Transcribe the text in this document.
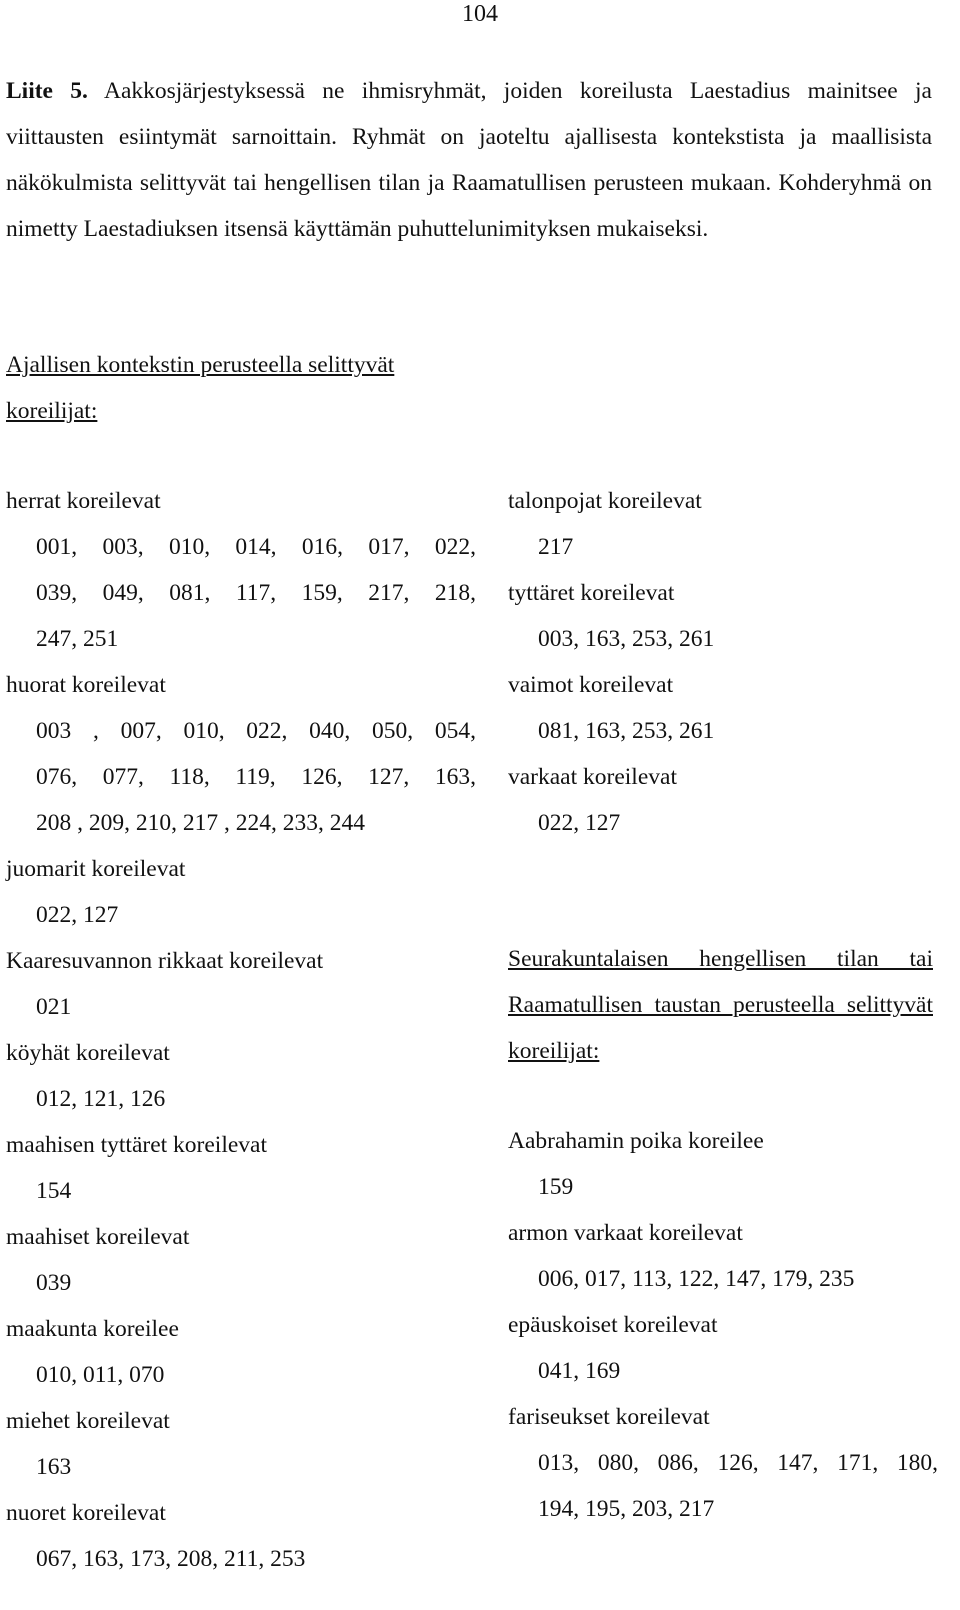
104

Liite 5. Aakkosjärjestyksessä ne ihmisryhmät, joiden koreilusta Laestadius mainitsee ja viittausten esiintymät sarnoittain. Ryhmät on jaoteltu ajallisesta kontekstista ja maallisista näkökulmista selittyvät tai hengellisen tilan ja Raamatullisen perusteen mukaan. Kohderyhmä on nimetty Laestadiuksen itsensä käyttämän puhuttelunimityksen mukaiseksi.

Ajallisen kontekstin perusteella selittyvät koreilijat:

herrat koreilevat
001, 003, 010, 014, 016, 017, 022,
039, 049, 081, 117, 159, 217, 218,
247, 251
huorat koreilevat
003 , 007, 010, 022, 040, 050, 054,
076, 077, 118, 119, 126, 127, 163,
208 , 209, 210, 217 , 224, 233, 244
juomarit koreilevat
022, 127
Kaaresuvannon rikkaat koreilevat
021
köyhät koreilevat
012, 121, 126
maahisen tyttäret koreilevat
154
maahiset koreilevat
039
maakunta koreilee
010, 011, 070
miehet koreilevat
163
nuoret koreilevat
067, 163, 173, 208, 211, 253
talonpojat koreilevat
217
tyttäret koreilevat
003, 163, 253, 261
vaimot koreilevat
081, 163, 253, 261
varkaat koreilevat
022, 127

Seurakuntalaisen hengellisen tilan tai Raamatullisen taustan perusteella selittyvät koreilijat:

Aabrahamin poika koreilee
159
armon varkaat koreilevat
006, 017, 113, 122, 147, 179, 235
epäuskoiset koreilevat
041, 169
fariseukset koreilevat
013, 080, 086, 126, 147, 171, 180,
194, 195, 203, 217
